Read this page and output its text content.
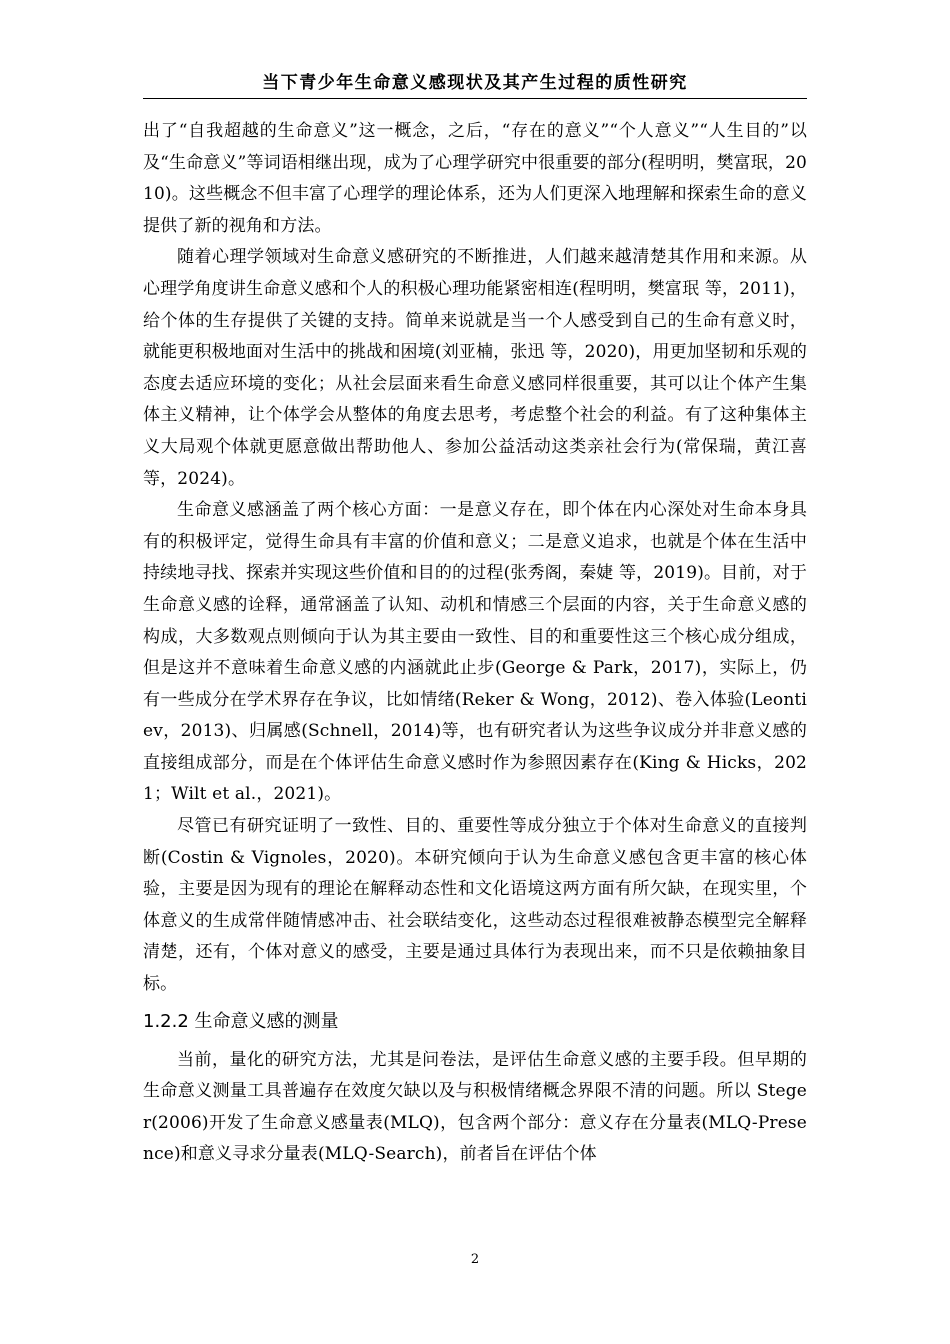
当下青少年生命意义感现状及其产生过程的质性研究

出了“自我超越的生命意义”这一概念，之后，“存在的意义”“个人意义”“人生目的”以及“生命意义”等词语相继出现，成为了心理学研究中很重要的部分(程明明，樊富珉，2010)。这些概念不但丰富了心理学的理论体系，还为人们更深入地理解和探索生命的意义提供了新的视角和方法。

随着心理学领域对生命意义感研究的不断推进，人们越来越清楚其作用和来源。从心理学角度讲生命意义感和个人的积极心理功能紧密相连(程明明，樊富珉 等，2011)，给个体的生存提供了关键的支持。简单来说就是当一个人感受到自己的生命有意义时，就能更积极地面对生活中的挑战和困境(刘亚楠，张迅 等，2020)，用更加坚韧和乐观的态度去适应环境的变化；从社会层面来看生命意义感同样很重要，其可以让个体产生集体主义精神，让个体学会从整体的角度去思考，考虑整个社会的利益。有了这种集体主义大局观个体就更愿意做出帮助他人、参加公益活动这类亲社会行为(常保瑞，黄江喜 等，2024)。

生命意义感涵盖了两个核心方面：一是意义存在，即个体在内心深处对生命本身具有的积极评定，觉得生命具有丰富的价值和意义；二是意义追求，也就是个体在生活中持续地寻找、探索并实现这些价值和目的的过程(张秀阁，秦婕 等，2019)。目前，对于生命意义感的诠释，通常涵盖了认知、动机和情感三个层面的内容，关于生命意义感的构成，大多数观点则倾向于认为其主要由一致性、目的和重要性这三个核心成分组成，但是这并不意味着生命意义感的内涵就此止步(George & Park，2017)，实际上，仍有一些成分在学术界存在争议，比如情绪(Reker & Wong，2012)、卷入体验(Leontiev，2013)、归属感(Schnell，2014)等，也有研究者认为这些争议成分并非意义感的直接组成部分，而是在个体评估生命意义感时作为参照因素存在(King & Hicks，2021；Wilt et al.，2021)。

尽管已有研究证明了一致性、目的、重要性等成分独立于个体对生命意义的直接判断(Costin & Vignoles，2020)。本研究倾向于认为生命意义感包含更丰富的核心体验，主要是因为现有的理论在解释动态性和文化语境这两方面有所欠缺，在现实里，个体意义的生成常伴随情感冲击、社会联结变化，这些动态过程很难被静态模型完全解释清楚，还有，个体对意义的感受，主要是通过具体行为表现出来，而不只是依赖抽象目标。

1.2.2 生命意义感的测量

当前，量化的研究方法，尤其是问卷法，是评估生命意义感的主要手段。但早期的生命意义测量工具普遍存在效度欠缺以及与积极情绪概念界限不清的问题。所以 Steger(2006)开发了生命意义感量表(MLQ)，包含两个部分：意义存在分量表(MLQ-Presence)和意义寻求分量表(MLQ-Search)，前者旨在评估个体

2
